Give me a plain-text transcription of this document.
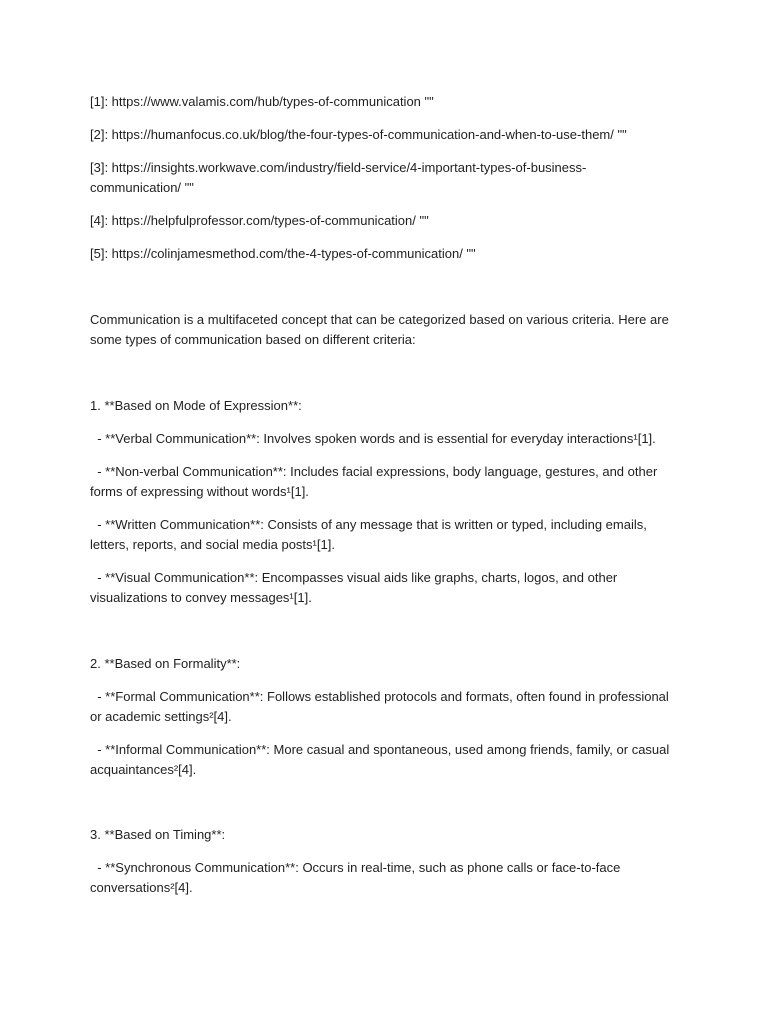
[1]: https://www.valamis.com/hub/types-of-communication ""

[2]: https://humanfocus.co.uk/blog/the-four-types-of-communication-and-when-to-use-them/ ""

[3]: https://insights.workwave.com/industry/field-service/4-important-types-of-business-

communication/ ""

[4]: https://helpfulprofessor.com/types-of-communication/ ""

[5]: https://colinjamesmethod.com/the-4-types-of-communication/ ""

Communication is a multifaceted concept that can be categorized based on various criteria. Here are

some types of communication based on different criteria:

1. **Based on Mode of Expression**:

- **Verbal Communication**: Involves spoken words and is essential for everyday interactions¹[1].

- **Non-verbal Communication**: Includes facial expressions, body language, gestures, and other

forms of expressing without words¹[1].

- **Written Communication**: Consists of any message that is written or typed, including emails,

letters, reports, and social media posts¹[1].

- **Visual Communication**: Encompasses visual aids like graphs, charts, logos, and other

visualizations to convey messages¹[1].

2. **Based on Formality**:

- **Formal Communication**: Follows established protocols and formats, often found in professional

or academic settings²[4].

- **Informal Communication**: More casual and spontaneous, used among friends, family, or casual

acquaintances²[4].

3. **Based on Timing**:

- **Synchronous Communication**: Occurs in real-time, such as phone calls or face-to-face

conversations²[4].
